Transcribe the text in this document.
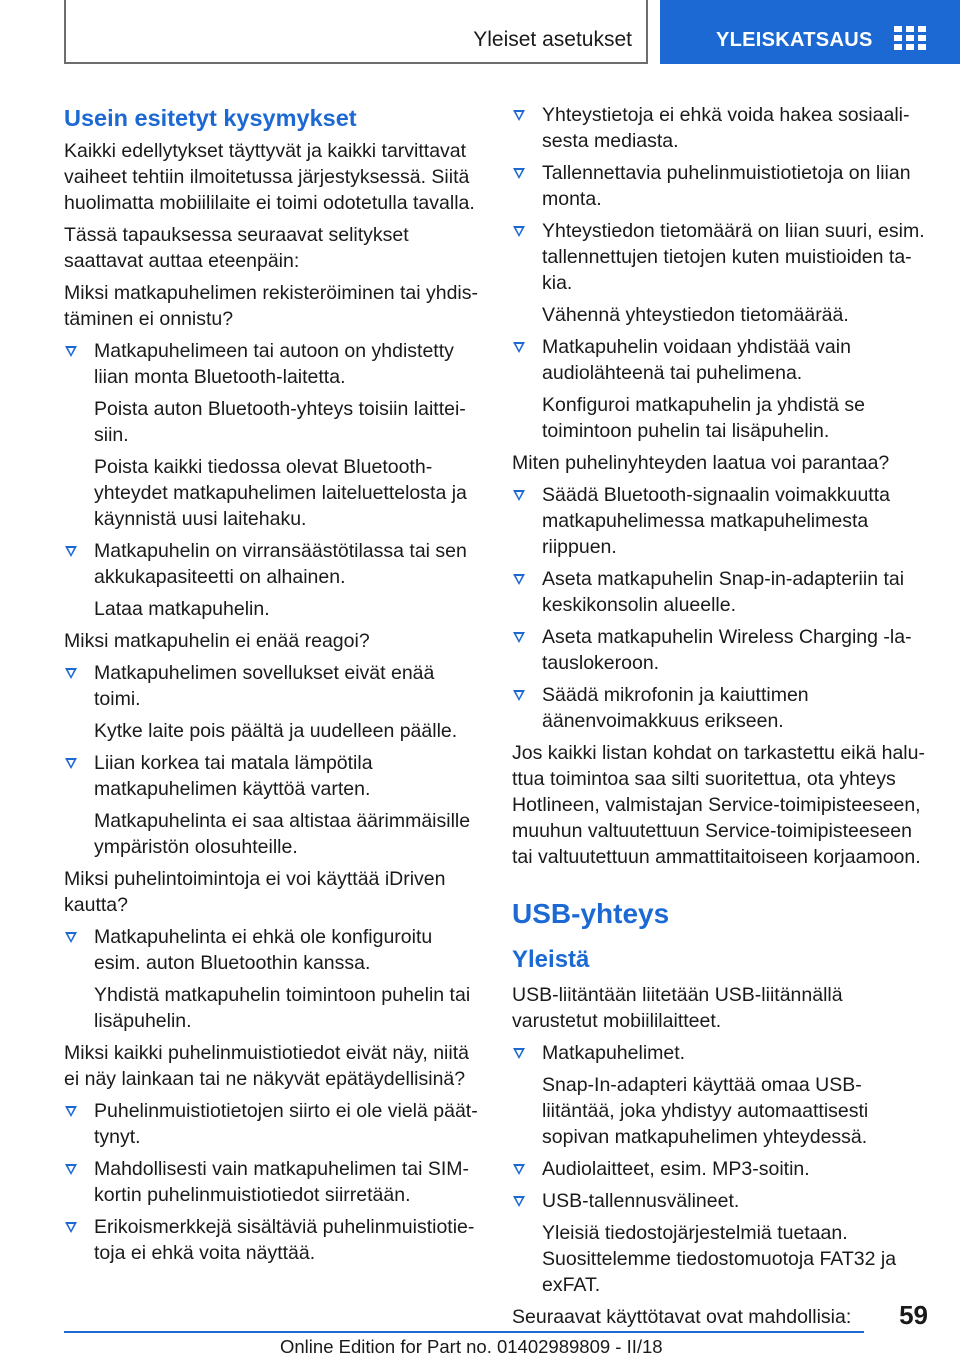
Yleiset asetukset	YLEISKATSAUS
Usein esitetyt kysymykset

Kaikki edellytykset täyttyvät ja kaikki tarvittavat vaiheet tehtiin ilmoitetussa järjestyksessä. Siitä huolimatta mobiililaite ei toimi odotetulla tavalla.

Tässä tapauksessa seuraavat selitykset saattavat auttaa eteenpäin:

Miksi matkapuhelimen rekisteröiminen tai yhdistäminen ei onnistu?

Matkapuhelimeen tai autoon on yhdistetty liian monta Bluetooth-laitetta.

Poista auton Bluetooth-yhteys toisiin laitteisiin.

Poista kaikki tiedossa olevat Bluetooth-yhteydet matkapuhelimen laiteluettelosta ja käynnistä uusi laitehaku.

Matkapuhelin on virransäästötilassa tai sen akkukapasiteetti on alhainen.

Lataa matkapuhelin.

Miksi matkapuhelin ei enää reagoi?

Matkapuhelimen sovellukset eivät enää toimi.

Kytke laite pois päältä ja uudelleen päälle.

Liian korkea tai matala lämpötila matkapuhelimen käyttöä varten.

Matkapuhelinta ei saa altistaa äärimmäisille ympäristön olosuhteille.

Miksi puhelintoimintoja ei voi käyttää iDriven kautta?

Matkapuhelinta ei ehkä ole konfiguroitu esim. auton Bluetoothin kanssa.

Yhdistä matkapuhelin toimintoon puhelin tai lisäpuhelin.

Miksi kaikki puhelinmuistiotiedot eivät näy, niitä ei näy lainkaan tai ne näkyvät epätäydellisinä?

Puhelinmuistiotietojen siirto ei ole vielä päättynyt.

Mahdollisesti vain matkapuhelimen tai SIM-kortin puhelinmuistiotiedot siirretään.

Erikoismerkkejä sisältäviä puhelinmuistiotietoja ei ehkä voita näyttää.

Yhteystietoja ei ehkä voida hakea sosiaalisesta mediasta.

Tallennettavia puhelinmuistiotietoja on liian monta.

Yhteystiedon tietomäärä on liian suuri, esim. tallennettujen tietojen kuten muistioiden takia.

Vähennä yhteystiedon tietomäärää.

Matkapuhelin voidaan yhdistää vain audiolähteenä tai puhelimena.

Konfiguroi matkapuhelin ja yhdistä se toimintoon puhelin tai lisäpuhelin.

Miten puhelinyhteyden laatua voi parantaa?

Säädä Bluetooth-signaalin voimakkuutta matkapuhelimessa matkapuhelimesta riippuen.

Aseta matkapuhelin Snap-in-adapteriin tai keskikonsolin alueelle.

Aseta matkapuhelin Wireless Charging -latauslokeroon.

Säädä mikrofonin ja kaiuttimen äänenvoimakkuus erikseen.

Jos kaikki listan kohdat on tarkastettu eikä haluttua toimintoa saa silti suoritettua, ota yhteys Hotlineen, valmistajan Service-toimipisteeseen, muuhun valtuutettuun Service-toimipisteeseen tai valtuutettuun ammattitaitoiseen korjaamoon.

USB-yhteys
Yleistä

USB-liitäntään liitetään USB-liitännällä varustetut mobiililaitteet.

Matkapuhelimet.

Snap-In-adapteri käyttää omaa USB-liitäntää, joka yhdistyy automaattisesti sopivan matkapuhelimen yhteydessä.

Audiolaitteet, esim. MP3-soitin.

USB-tallennusvälineet.

Yleisiä tiedostojärjestelmiä tuetaan. Suosittelemme tiedostomuotoja FAT32 ja exFAT.

Seuraavat käyttötavat ovat mahdollisia:	59
Online Edition for Part no. 01402989809 - II/18
